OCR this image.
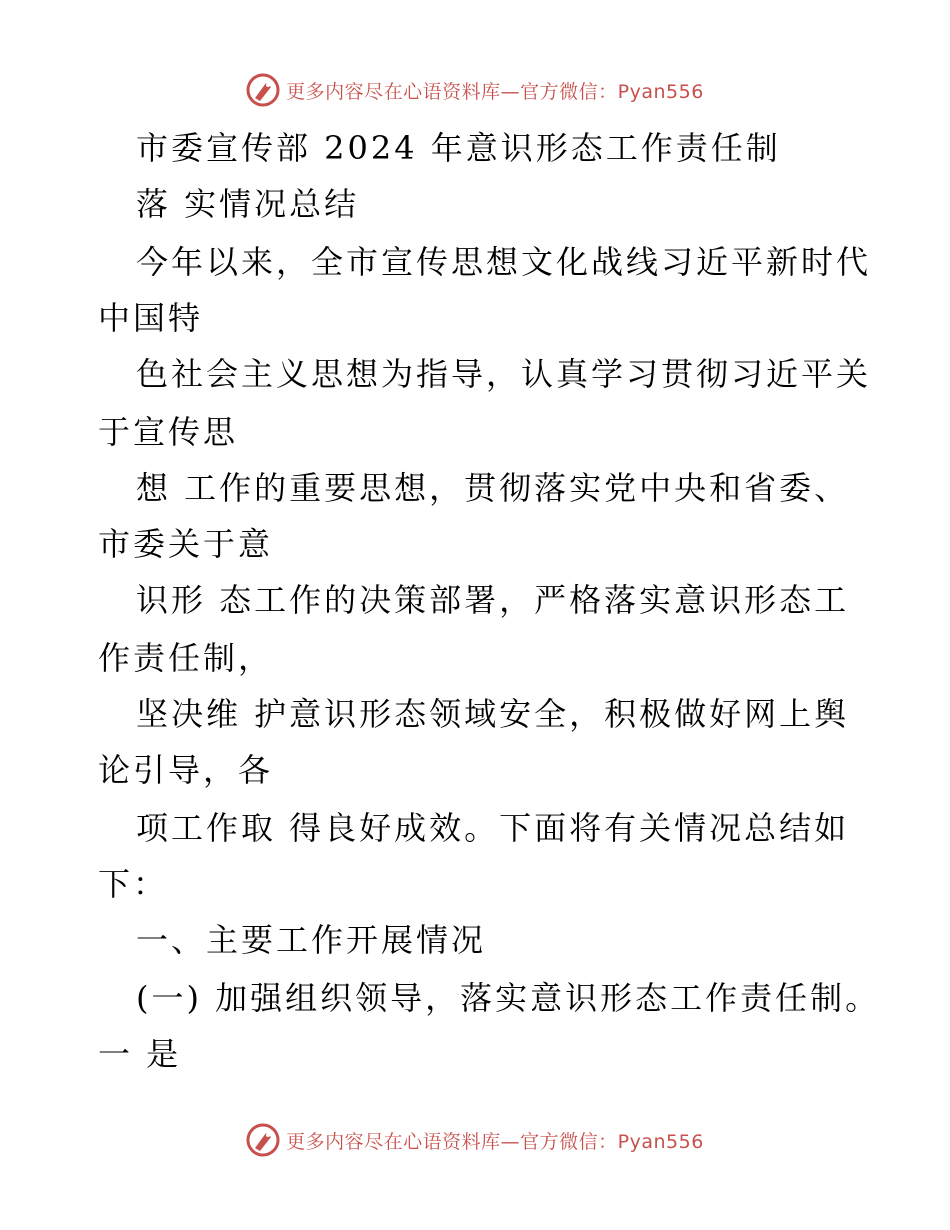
更多内容尽在心语资料库—官方微信：Pyan556
市委宣传部 2024 年意识形态工作责任制
落 实情况总结
今年以来，全市宣传思想文化战线习近平新时代
中国特
色社会主义思想为指导，认真学习贯彻习近平关
于宣传思
想 工作的重要思想，贯彻落实党中央和省委、
市委关于意
识形 态工作的决策部署，严格落实意识形态工
作责任制，
坚决维 护意识形态领域安全，积极做好网上舆
论引导，各
项工作取 得良好成效。下面将有关情况总结如
下：
一、主要工作开展情况
(一) 加强组织领导，落实意识形态工作责任制。
一 是
更多内容尽在心语资料库—官方微信：Pyan556
